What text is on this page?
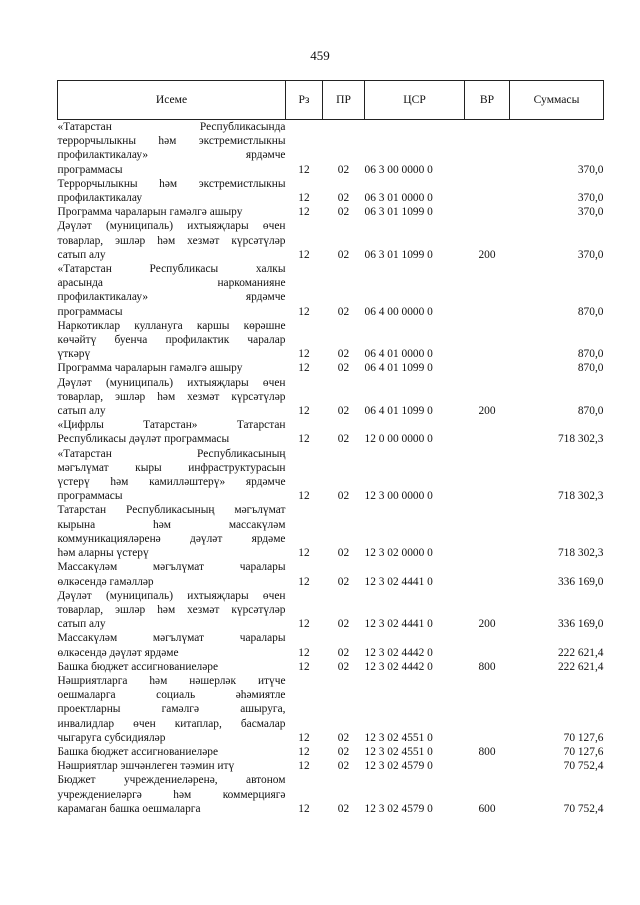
459
Исеме	Рз	ПР	ЦСР	ВР	Суммасы

«Татарстан Республикасында
террорчылыкны һәм экстремистлыкны
профилактикалау» ярдәмче
программасы	12	02	06 3 00 0000 0		370,0

Террорчылыкны һәм экстремистлыкны
профилактикалау	12	02	06 3 01 0000 0		370,0

Программа чараларын гамәлгә ашыру	12	02	06 3 01 1099 0		370,0

Дәүләт (муниципаль) ихтыяҗлары өчен
товарлар, эшләр һәм хезмәт күрсәтүләр
сатып алу	12	02	06 3 01 1099 0	200	370,0

«Татарстан Республикасы халкы
арасында наркоманияне
профилактикалау» ярдәмче
программасы	12	02	06 4 00 0000 0		870,0

Наркотиклар куллануга каршы көрәшне
көчәйтү буенча профилактик чаралар
үткәрү	12	02	06 4 01 0000 0		870,0

Программа чараларын гамәлгә ашыру	12	02	06 4 01 1099 0		870,0

Дәүләт (муниципаль) ихтыяҗлары өчен
товарлар, эшләр һәм хезмәт күрсәтүләр
сатып алу	12	02	06 4 01 1099 0	200	870,0

«Цифрлы Татарстан» Татарстан
Республикасы дәүләт программасы	12	02	12 0 00 0000 0		718 302,3

«Татарстан Республикасының
мәгълүмат кыры инфраструктурасын
үстерү һәм камилләштерү» ярдәмче
программасы	12	02	12 3 00 0000 0		718 302,3

Татарстан Республикасының мәгълүмат
кырына һәм массакүләм
коммуникацияләренә дәүләт ярдәме
һәм аларны үстерү	12	02	12 3 02 0000 0		718 302,3

Массакүләм мәгълүмат чаралары
өлкәсендә гамәлләр	12	02	12 3 02 4441 0		336 169,0

Дәүләт (муниципаль) ихтыяҗлары өчен
товарлар, эшләр һәм хезмәт күрсәтүләр
сатып алу	12	02	12 3 02 4441 0	200	336 169,0

Массакүләм мәгълүмат чаралары
өлкәсендә дәүләт ярдәме	12	02	12 3 02 4442 0		222 621,4

Башка бюджет ассигнованиеләре	12	02	12 3 02 4442 0	800	222 621,4

Нәшриятларга һәм нәшерләк итүче
оешмаларга социаль әһәмиятле
проектларны гамәлгә ашыруга,
инвалидлар өчен китаплар, басмалар
чыгаруга субсидияләр	12	02	12 3 02 4551 0		70 127,6

Башка бюджет ассигнованиеләре	12	02	12 3 02 4551 0	800	70 127,6

Нәшриятлар эшчәнлеген тәэмин итү	12	02	12 3 02 4579 0		70 752,4

Бюджет учреждениеләренә, автоном
учреждениеләргә һәм коммерциягә
карамаган башка оешмаларга	12	02	12 3 02 4579 0	600	70 752,4
